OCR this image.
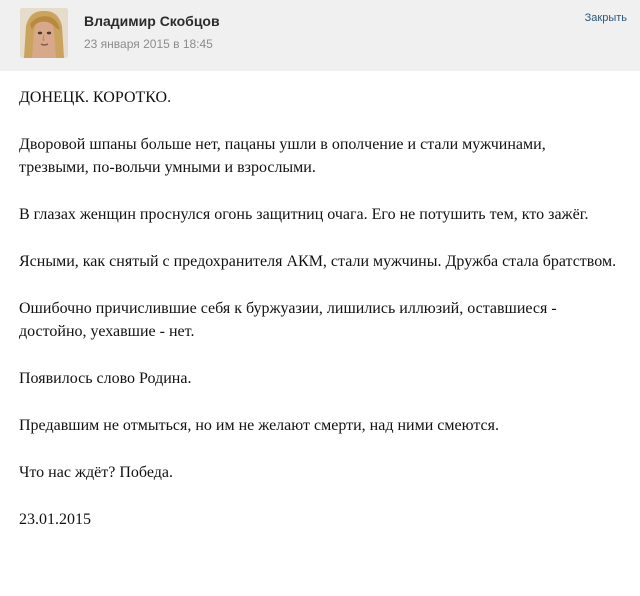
Владимир Скобцов
23 января 2015 в 18:45
Закрыть

ДОНЕЦК. КОРОТКО.

Дворовой шпаны больше нет, пацаны ушли в ополчение и стали мужчинами, трезвыми, по-вольчи умными и взрослыми.

В глазах женщин проснулся огонь защитниц очага. Его не потушить тем, кто зажёг.

Ясными, как снятый с предохранителя АКМ, стали мужчины. Дружба стала братством.

Ошибочно причислившие себя к буржуазии, лишились иллюзий, оставшиеся - достойно, уехавшие - нет.

Появилось слово Родина.

Предавшим не отмыться, но им не желают смерти, над ними смеются.

Что нас ждёт? Победа.

23.01.2015
